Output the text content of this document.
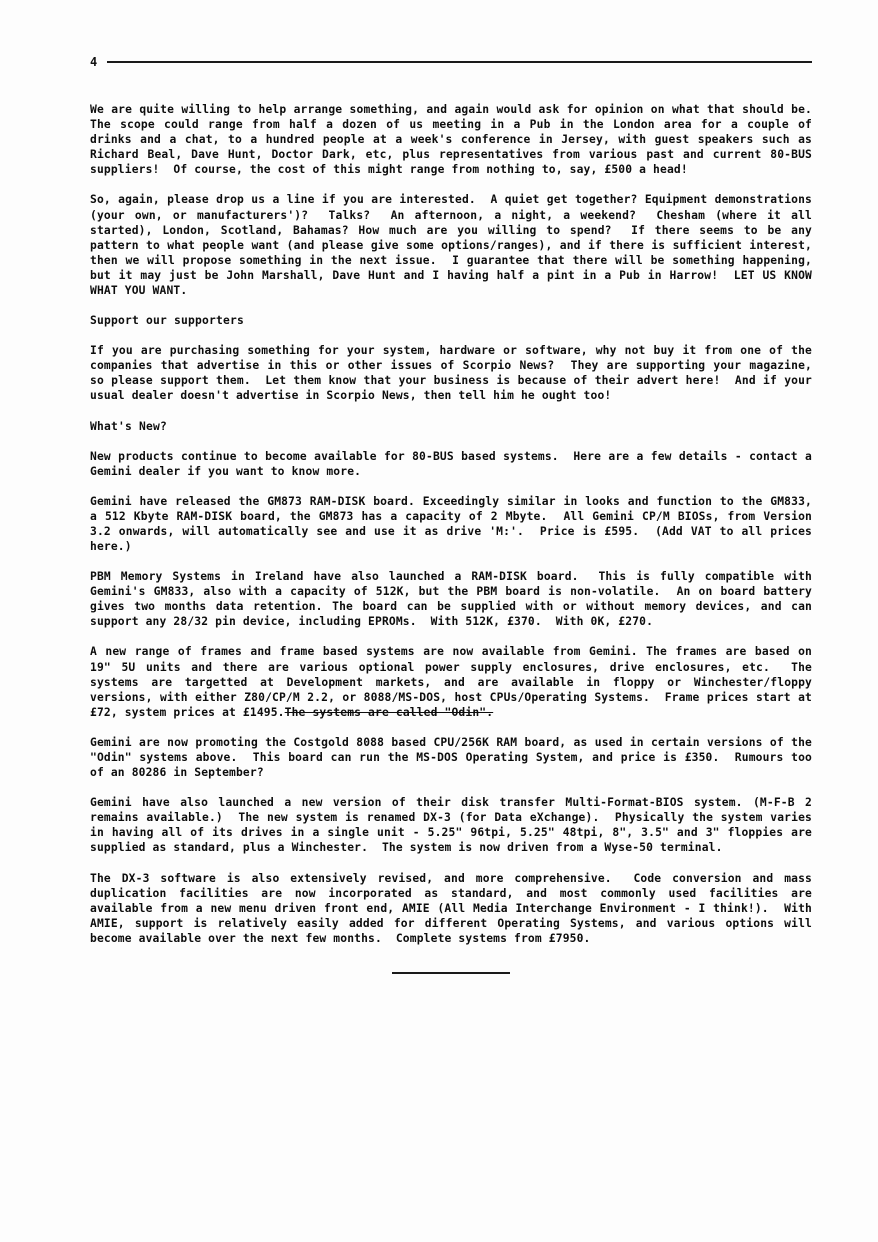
4

We are quite willing to help arrange something, and again would ask for opinion on what that should be.  The scope could range from half a dozen of us meeting in a Pub in the London area for a couple of drinks and a chat, to a hundred people at a week's conference in Jersey, with guest speakers such as Richard Beal, Dave Hunt, Doctor Dark, etc, plus representatives from various past and current 80-BUS suppliers!  Of course, the cost of this might range from nothing to, say, £500 a head!

So, again, please drop us a line if you are interested.  A quiet get together? Equipment demonstrations (your own, or manufacturers')?  Talks?  An afternoon, a night, a weekend?  Chesham (where it all started), London, Scotland, Bahamas? How much are you willing to spend?  If there seems to be any pattern to what people want (and please give some options/ranges), and if there is sufficient interest, then we will propose something in the next issue.  I guarantee that there will be something happening, but it may just be John Marshall, Dave Hunt and I having half a pint in a Pub in Harrow!  LET US KNOW WHAT YOU WANT.

Support our supporters

If you are purchasing something for your system, hardware or software, why not buy it from one of the companies that advertise in this or other issues of Scorpio News?  They are supporting your magazine, so please support them.  Let them know that your business is because of their advert here!  And if your usual dealer doesn't advertise in Scorpio News, then tell him he ought too!

What's New?

New products continue to become available for 80-BUS based systems.  Here are a few details - contact a Gemini dealer if you want to know more.

Gemini have released the GM873 RAM-DISK board. Exceedingly similar in looks and function to the GM833, a 512 Kbyte RAM-DISK board, the GM873 has a capacity of 2 Mbyte.  All Gemini CP/M BIOSs, from Version 3.2 onwards, will automatically see and use it as drive 'M:'.  Price is £595.  (Add VAT to all prices here.)

PBM Memory Systems in Ireland have also launched a RAM-DISK board.  This is fully compatible with Gemini's GM833, also with a capacity of 512K, but the PBM board is non-volatile.  An on board battery gives two months data retention. The board can be supplied with or without memory devices, and can support any 28/32 pin device, including EPROMs.  With 512K, £370.  With 0K, £270.

A new range of frames and frame based systems are now available from Gemini. The frames are based on 19" 5U units and there are various optional power supply enclosures, drive enclosures, etc.  The systems are targetted at Development markets, and are available in floppy or Winchester/floppy versions, with either Z80/CP/M 2.2, or 8088/MS-DOS, host CPUs/Operating Systems.  Frame prices start at £72, system prices at £1495.The systems are called "Odin".

Gemini are now promoting the Costgold 8088 based CPU/256K RAM board, as used in certain versions of the "Odin" systems above.  This board can run the MS-DOS Operating System, and price is £350.  Rumours too of an 80286 in September?

Gemini have also launched a new version of their disk transfer Multi-Format-BIOS system. (M-F-B 2 remains available.)  The new system is renamed DX-3 (for Data eXchange).  Physically the system varies in having all of its drives in a single unit - 5.25" 96tpi, 5.25" 48tpi, 8", 3.5" and 3" floppies are supplied as standard, plus a Winchester.  The system is now driven from a Wyse-50 terminal.

The DX-3 software is also extensively revised, and more comprehensive.  Code conversion and mass duplication facilities are now incorporated as standard, and most commonly used facilities are available from a new menu driven front end, AMIE (All Media Interchange Environment - I think!).  With AMIE, support is relatively easily added for different Operating Systems, and various options will become available over the next few months.  Complete systems from £7950.
